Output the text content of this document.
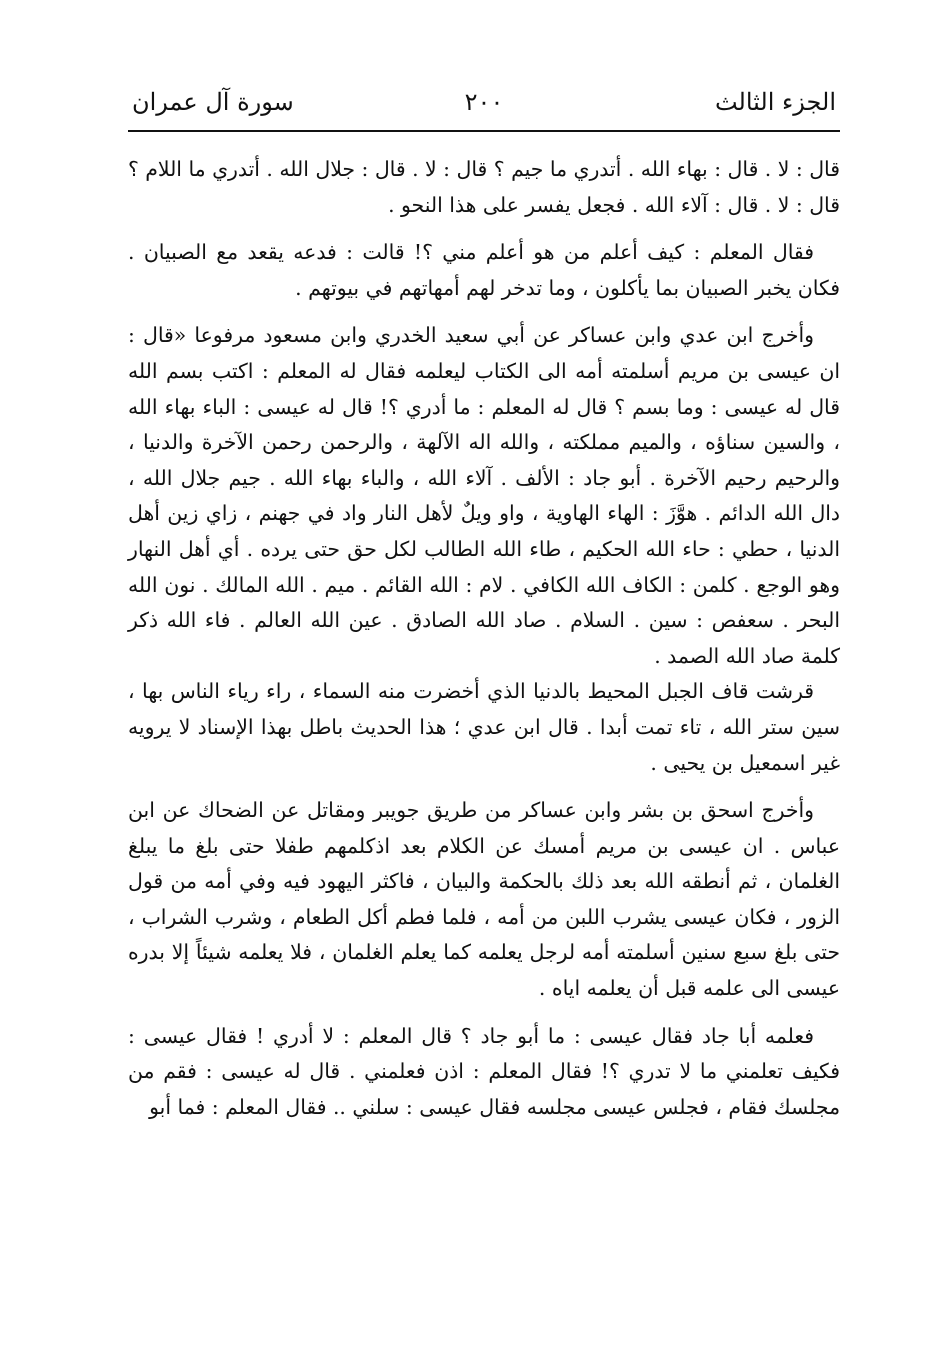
الجزء الثالث
٢٠٠
سورة آل عمران

قال : لا . قال : بهاء الله . أتدري ما جيم ؟ قال : لا . قال : جلال الله . أتدري ما اللام ؟ قال : لا . قال : آلاء الله . فجعل يفسر على هذا النحو .

فقال المعلم : كيف أعلم من هو أعلم مني ؟! قالت : فدعه يقعد مع الصبيان . فكان يخبر الصبيان بما يأكلون ، وما تدخر لهم أمهاتهم في بيوتهم .

وأخرج ابن عدي وابن عساكر عن أبي سعيد الخدري وابن مسعود مرفوعا «قال : ان عيسى بن مريم أسلمته أمه الى الكتاب ليعلمه فقال له المعلم : اكتب بسم الله قال له عيسى : وما بسم ؟ قال له المعلم : ما أدري ؟! قال له عيسى : الباء بهاء الله ، والسين سناؤه ، والميم مملكته ، والله اله الآلهة ، والرحمن رحمن الآخرة والدنيا ، والرحيم رحيم الآخرة . أبو جاد : الألف . آلاء الله ، والباء بهاء الله . جيم جلال الله ، دال الله الدائم . هوَّزَ : الهاء الهاوية ، واو ويلٌ لأهل النار واد في جهنم ، زاي زين أهل الدنيا ، حطي : حاء الله الحكيم ، طاء الله الطالب لكل حق حتى يرده . أي أهل النهار وهو الوجع . كلمن : الكاف الله الكافي . لام : الله القائم . ميم . الله المالك . نون الله البحر . سعفص : سين . السلام . صاد الله الصادق . عين الله العالم . فاء الله ذكر كلمة صاد الله الصمد .

قرشت قاف الجبل المحيط بالدنيا الذي أخضرت منه السماء ، راء رياء الناس بها ، سين ستر الله ، تاء تمت أبدا . قال ابن عدي ؛ هذا الحديث باطل بهذا الإسناد لا يرويه غير اسمعيل بن يحيى .

وأخرج اسحق بن بشر وابن عساكر من طريق جويبر ومقاتل عن الضحاك عن ابن عباس . ان عيسى بن مريم أمسك عن الكلام بعد اذكلمهم طفلا حتى بلغ ما يبلغ الغلمان ، ثم أنطقه الله بعد ذلك بالحكمة والبيان ، فاكثر اليهود فيه وفي أمه من قول الزور ، فكان عيسى يشرب اللبن من أمه ، فلما فطم أكل الطعام ، وشرب الشراب ، حتى بلغ سبع سنين أسلمته أمه لرجل يعلمه كما يعلم الغلمان ، فلا يعلمه شيئاً إلا بدره عيسى الى علمه قبل أن يعلمه اياه .

فعلمه أبا جاد فقال عيسى : ما أبو جاد ؟ قال المعلم : لا أدري ! فقال عيسى : فكيف تعلمني ما لا تدري ؟! فقال المعلم : اذن فعلمني . قال له عيسى : فقم من مجلسك فقام ، فجلس عيسى مجلسه فقال عيسى : سلني .. فقال المعلم : فما أبو
